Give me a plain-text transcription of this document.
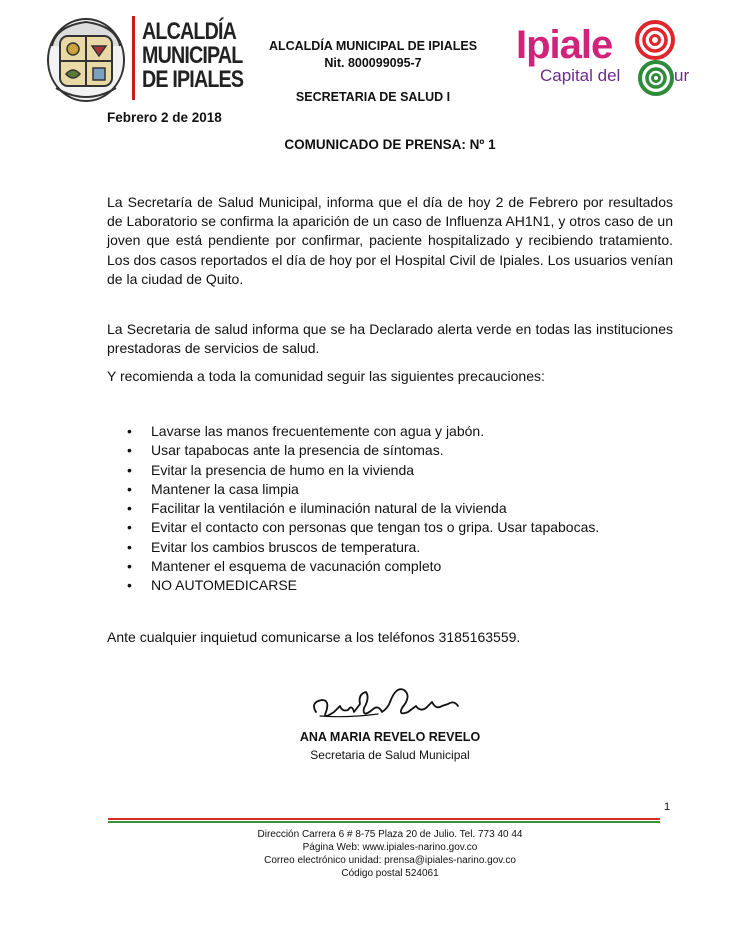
ALCALDÍA
MUNICIPAL
DE IPIALES
ALCALDÍA MUNICIPAL DE IPIALES
Nit. 800099095-7
SECRETARIA DE SALUD I
Ipiale
Capital del	ur
Febrero 2 de 2018
COMUNICADO DE PRENSA: Nº 1
La Secretaría de Salud Municipal, informa que el día de hoy 2 de Febrero por resultados de Laboratorio se confirma la aparición de un caso de Influenza AH1N1, y otros caso de un joven que está pendiente por confirmar, paciente hospitalizado y recibiendo tratamiento. Los dos casos reportados el día de hoy por el Hospital Civil de Ipiales. Los usuarios venían de la ciudad de Quito.
La Secretaria de salud informa que se ha Declarado alerta verde en todas las instituciones prestadoras de servicios de salud.
Y recomienda a toda la comunidad seguir las siguientes precauciones:
• Lavarse las manos frecuentemente con agua y jabón.
• Usar tapabocas ante la presencia de síntomas.
• Evitar la presencia de humo en la vivienda
• Mantener la casa limpia
• Facilitar la ventilación e iluminación natural de la vivienda
• Evitar el contacto con personas que tengan tos o gripa. Usar tapabocas.
• Evitar los cambios bruscos de temperatura.
• Mantener el esquema de vacunación completo
• NO AUTOMEDICARSE
Ante cualquier inquietud comunicarse a los teléfonos 3185163559.
ANA MARIA REVELO REVELO
Secretaria de Salud Municipal
1
Dirección Carrera 6 # 8-75 Plaza 20 de Julio. Tel. 773 40 44
Página Web: www.ipiales-narino.gov.co
Correo electrónico unidad: prensa@ipiales-narino.gov.co
Código postal 524061
